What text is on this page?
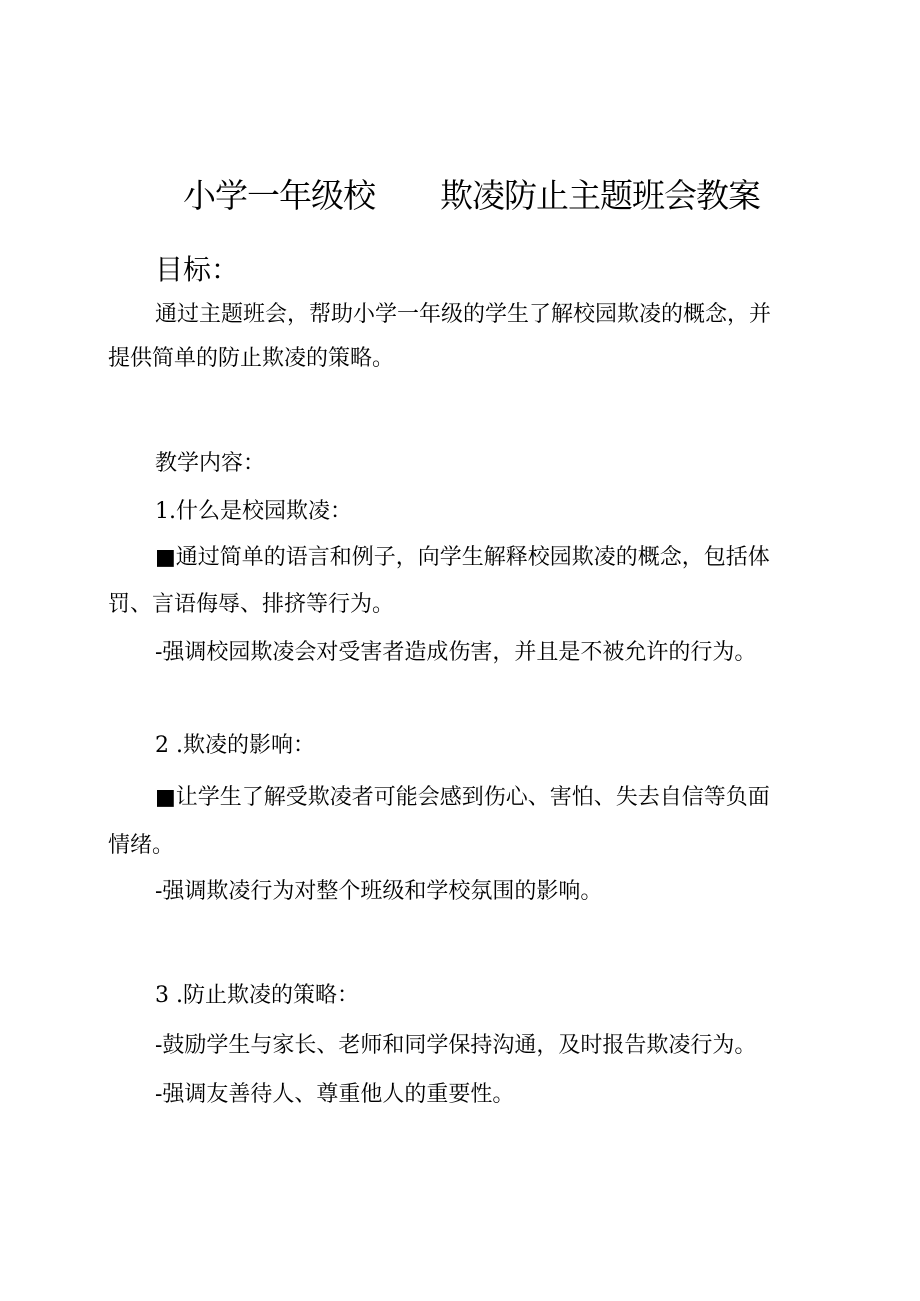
小学一年级校 欺凌防止主题班会教案
目标：
通过主题班会，帮助小学一年级的学生了解校园欺凌的概念，并
提供简单的防止欺凌的策略。
教学内容：
1.什么是校园欺凌：
■通过简单的语言和例子，向学生解释校园欺凌的概念，包括体
罚、言语侮辱、排挤等行为。
-强调校园欺凌会对受害者造成伤害，并且是不被允许的行为。
2 .欺凌的影响：
■让学生了解受欺凌者可能会感到伤心、害怕、失去自信等负面
情绪。
-强调欺凌行为对整个班级和学校氛围的影响。
3 .防止欺凌的策略：
-鼓励学生与家长、老师和同学保持沟通，及时报告欺凌行为。
-强调友善待人、尊重他人的重要性。
